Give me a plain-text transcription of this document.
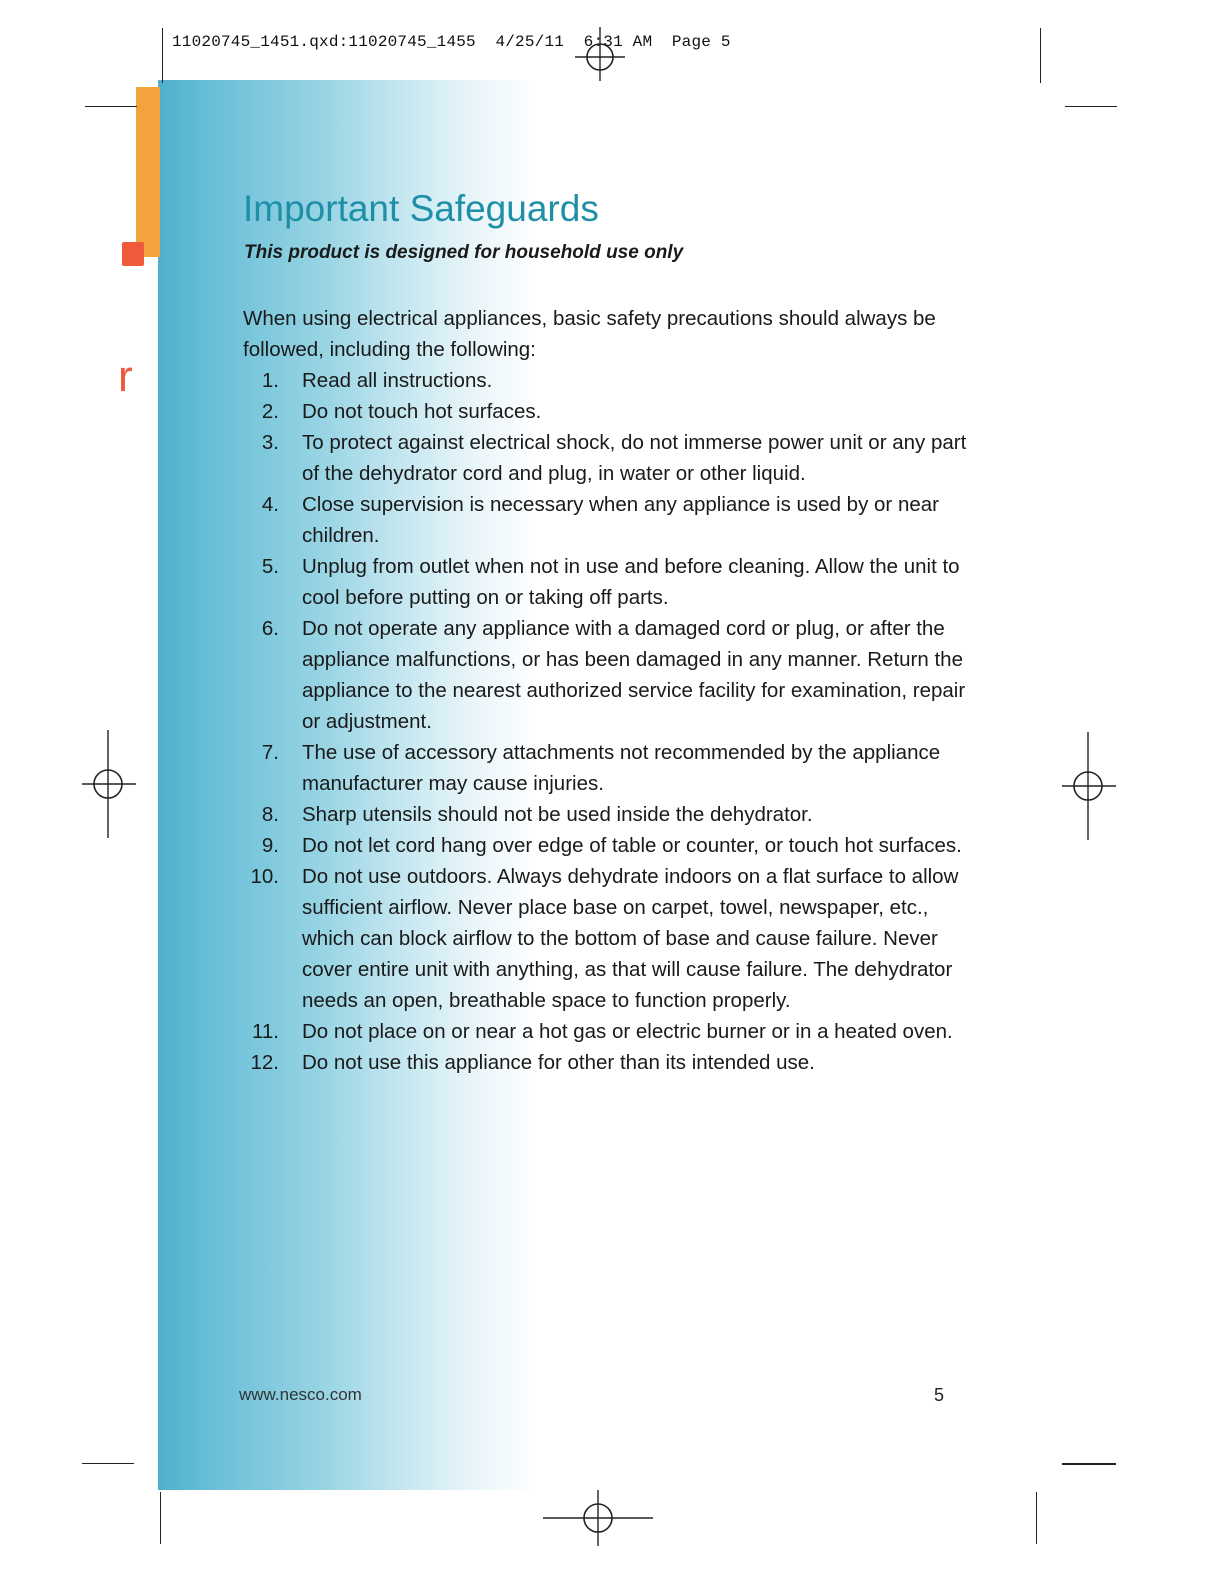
r
11020745_1451.qxd:11020745_1455  4/25/11  6:31 AM  Page 5
Important Safeguards
This product is designed for household use only
When using electrical appliances, basic safety precautions should always be followed, including the following:
1. Read all instructions.
2. Do not touch hot surfaces.
3. To protect against electrical shock, do not immerse power unit or any part of the dehydrator cord and plug, in water or other liquid.
4. Close supervision is necessary when any appliance is used by or near children.
5. Unplug from outlet when not in use and before cleaning. Allow the unit to cool before putting on or taking off parts.
6. Do not operate any appliance with a damaged cord or plug, or after the appliance malfunctions, or has been damaged in any manner. Return the appliance to the nearest authorized service facility for examination, repair or adjustment.
7. The use of accessory attachments not recommended by the appliance manufacturer may cause injuries.
8. Sharp utensils should not be used inside the dehydrator.
9. Do not let cord hang over edge of table or counter, or touch hot surfaces.
10. Do not use outdoors. Always dehydrate indoors on a flat surface to allow sufficient airflow. Never place base on carpet, towel, newspaper, etc., which can block airflow to the bottom of base and cause failure. Never cover entire unit with anything, as that will cause failure. The dehydrator needs an open, breathable space to function properly.
11. Do not place on or near a hot gas or electric burner or in a heated oven.
12. Do not use this appliance for other than its intended use.
www.nesco.com	5
